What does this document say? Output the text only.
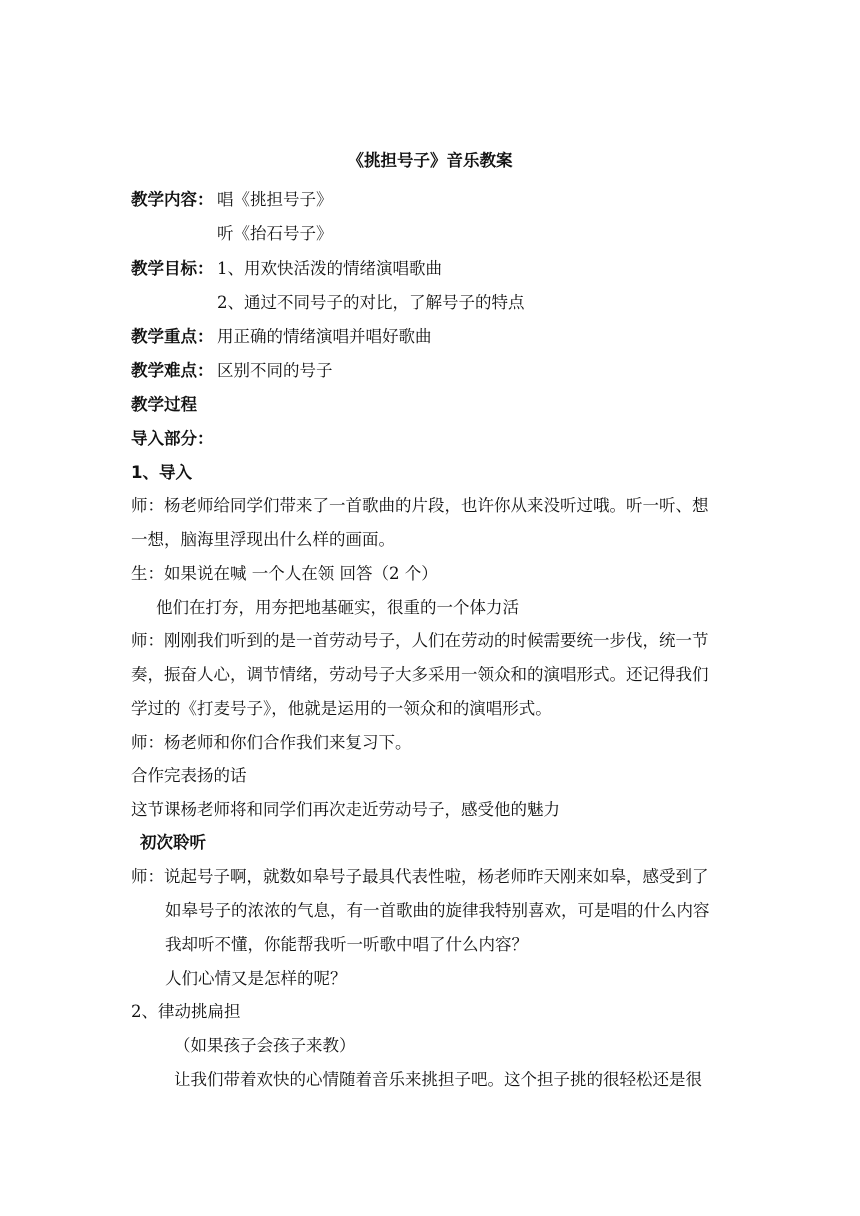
《挑担号子》音乐教案
教学内容： 唱《挑担号子》
听《抬石号子》
教学目标： 1、用欢快活泼的情绪演唱歌曲
2、通过不同号子的对比，了解号子的特点
教学重点： 用正确的情绪演唱并唱好歌曲
教学难点： 区别不同的号子
教学过程
导入部分：
1、导入
师：杨老师给同学们带来了一首歌曲的片段，也许你从来没听过哦。听一听、想
一想，脑海里浮现出什么样的画面。
生：如果说在喊 一个人在领 回答（2 个）
他们在打夯，用夯把地基砸实，很重的一个体力活
师：刚刚我们听到的是一首劳动号子，人们在劳动的时候需要统一步伐，统一节
奏，振奋人心，调节情绪，劳动号子大多采用一领众和的演唱形式。还记得我们
学过的《打麦号子》，他就是运用的一领众和的演唱形式。
师：杨老师和你们合作我们来复习下。
合作完表扬的话
这节课杨老师将和同学们再次走近劳动号子，感受他的魅力
初次聆听
师：说起号子啊，就数如皋号子最具代表性啦，杨老师昨天刚来如皋，感受到了
如皋号子的浓浓的气息，有一首歌曲的旋律我特别喜欢，可是唱的什么内容
我却听不懂，你能帮我听一听歌中唱了什么内容？
人们心情又是怎样的呢？
2、律动挑扁担
（如果孩子会孩子来教）
让我们带着欢快的心情随着音乐来挑担子吧。这个担子挑的很轻松还是很
